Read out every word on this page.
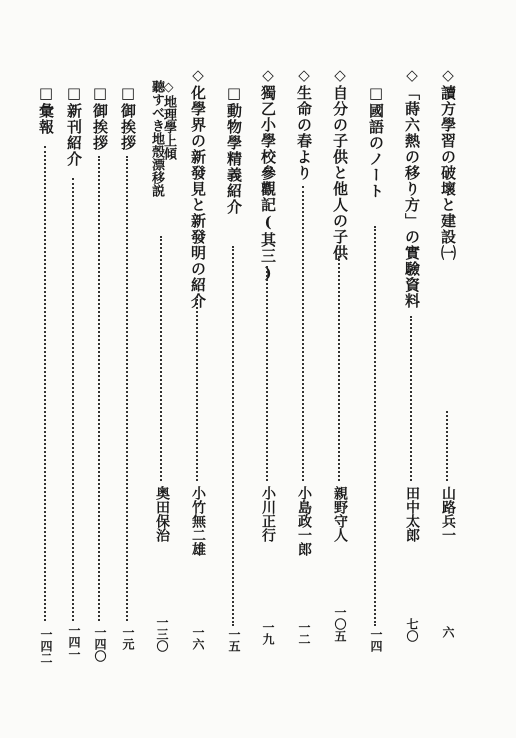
◇讀方學習の破壞と建設㈠
山路兵一
六
◇「蒔六熱の移り方」の實驗資料
田中太郎
七〇
□國語のノート
一四
◇自分の子供と他人の子供
親野守人
一〇五
◇生命の春より
小島政一郎
一二
◇獨乙小學校參觀記(其三)
小川正行
一九
□動物學精義紹介
一五
◇化學界の新發見と新發明の紹介
小竹無二雄
一六
◇地理學上傾
聽すべき地殼漂移説
奥田保治
一三〇
□御挨拶
一元
□御挨拶
一四〇
□新刊紹介
一四一
□彙報
一四二
